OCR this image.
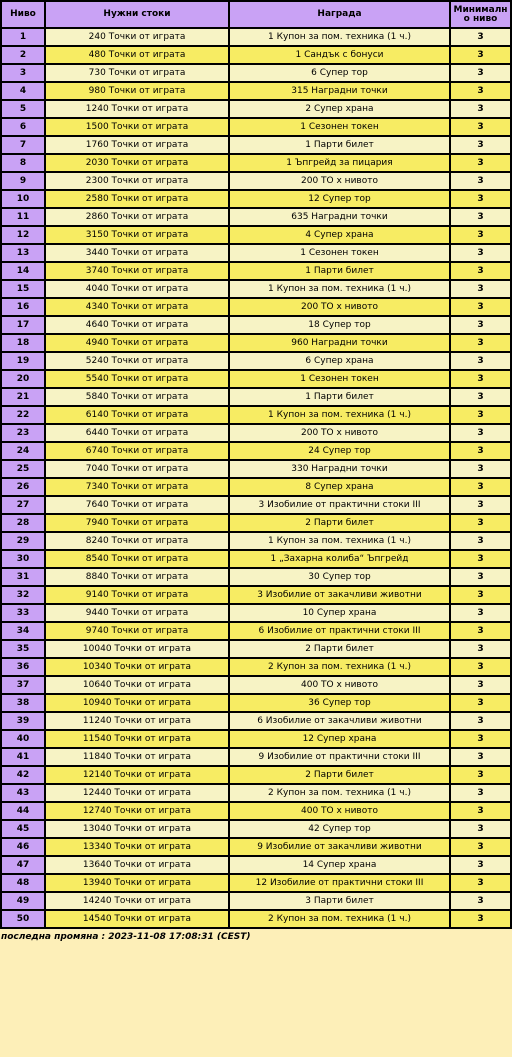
Ниво	Нужни стоки	Награда	Минимално ниво
1	240 Точки от играта	1 Купон за пом. техника (1 ч.)	3
2	480 Точки от играта	1 Сандък с бонуси	3
3	730 Точки от играта	6 Супер тор	3
4	980 Точки от играта	315 Наградни точки	3
5	1240 Точки от играта	2 Супер храна	3
6	1500 Точки от играта	1 Сезонен токен	3
7	1760 Точки от играта	1 Парти билет	3
8	2030 Точки от играта	1 Ъпгрейд за пицария	3
9	2300 Точки от играта	200 ТО х нивото	3
10	2580 Точки от играта	12 Супер тор	3
11	2860 Точки от играта	635 Наградни точки	3
12	3150 Точки от играта	4 Супер храна	3
13	3440 Точки от играта	1 Сезонен токен	3
14	3740 Точки от играта	1 Парти билет	3
15	4040 Точки от играта	1 Купон за пом. техника (1 ч.)	3
16	4340 Точки от играта	200 ТО х нивото	3
17	4640 Точки от играта	18 Супер тор	3
18	4940 Точки от играта	960 Наградни точки	3
19	5240 Точки от играта	6 Супер храна	3
20	5540 Точки от играта	1 Сезонен токен	3
21	5840 Точки от играта	1 Парти билет	3
22	6140 Точки от играта	1 Купон за пом. техника (1 ч.)	3
23	6440 Точки от играта	200 ТО х нивото	3
24	6740 Точки от играта	24 Супер тор	3
25	7040 Точки от играта	330 Наградни точки	3
26	7340 Точки от играта	8 Супер храна	3
27	7640 Точки от играта	3 Изобилие от практични стоки III	3
28	7940 Точки от играта	2 Парти билет	3
29	8240 Точки от играта	1 Купон за пом. техника (1 ч.)	3
30	8540 Точки от играта	1 „Захарна колиба“ Ъпгрейд	3
31	8840 Точки от играта	30 Супер тор	3
32	9140 Точки от играта	3 Изобилие от закачливи животни	3
33	9440 Точки от играта	10 Супер храна	3
34	9740 Точки от играта	6 Изобилие от практични стоки III	3
35	10040 Точки от играта	2 Парти билет	3
36	10340 Точки от играта	2 Купон за пом. техника (1 ч.)	3
37	10640 Точки от играта	400 ТО х нивото	3
38	10940 Точки от играта	36 Супер тор	3
39	11240 Точки от играта	6 Изобилие от закачливи животни	3
40	11540 Точки от играта	12 Супер храна	3
41	11840 Точки от играта	9 Изобилие от практични стоки III	3
42	12140 Точки от играта	2 Парти билет	3
43	12440 Точки от играта	2 Купон за пом. техника (1 ч.)	3
44	12740 Точки от играта	400 ТО х нивото	3
45	13040 Точки от играта	42 Супер тор	3
46	13340 Точки от играта	9 Изобилие от закачливи животни	3
47	13640 Точки от играта	14 Супер храна	3
48	13940 Точки от играта	12 Изобилие от практични стоки III	3
49	14240 Точки от играта	3 Парти билет	3
50	14540 Точки от играта	2 Купон за пом. техника (1 ч.)	3
последна промяна : 2023-11-08 17:08:31 (CEST)
